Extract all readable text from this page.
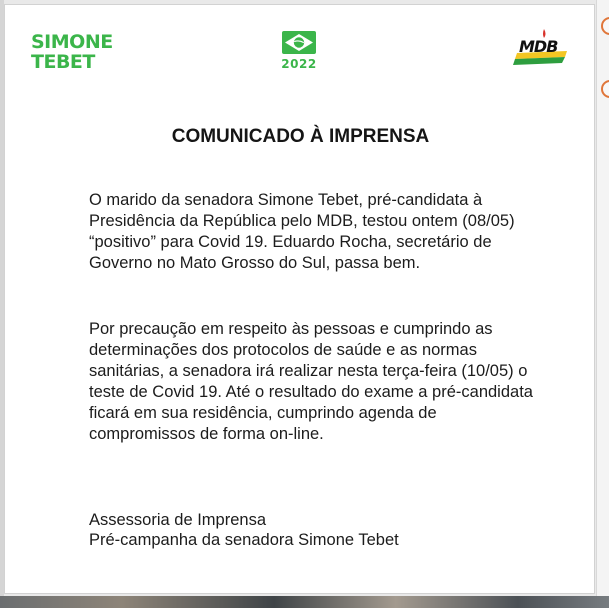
SIMONE
TEBET	2022
MDB
COMUNICADO À IMPRENSA

O marido da senadora Simone Tebet, pré-candidata à Presidência da República pelo MDB, testou ontem (08/05) “positivo” para Covid 19. Eduardo Rocha, secretário de Governo no Mato Grosso do Sul, passa bem.

Por precaução em respeito às pessoas e cumprindo as determinações dos protocolos de saúde e as normas sanitárias, a senadora irá realizar nesta terça-feira (10/05) o teste de Covid 19. Até o resultado do exame a pré-candidata ficará em sua residência, cumprindo agenda de compromissos de forma on-line.

Assessoria de Imprensa
Pré-campanha da senadora Simone Tebet
